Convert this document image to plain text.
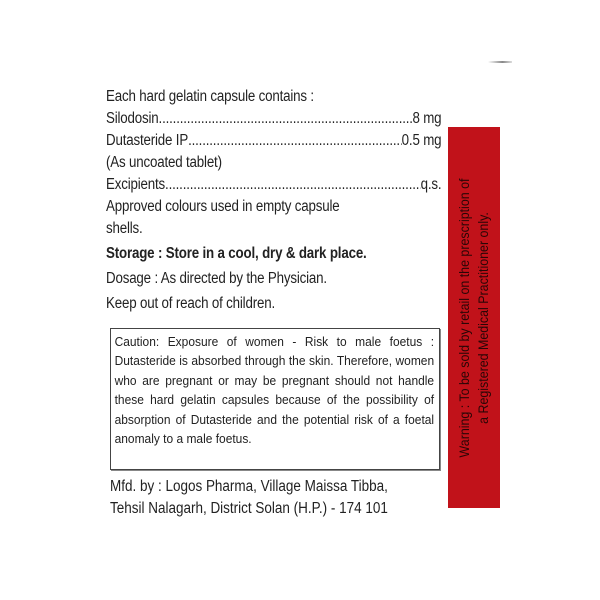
Each hard gelatin capsule contains :
Silodosin .....	8 mg
Dutasteride IP .....	0.5 mg
(As uncoated tablet)
Excipients .....	q.s.
Approved colours used in empty capsule
shells.
Storage : Store in a cool, dry & dark place.
Dosage : As directed by the Physician.
Keep out of reach of children.

Caution: Exposure of women - Risk to male foetus : Dutasteride is absorbed through the skin. Therefore, women who are pregnant or may be pregnant should not handle these hard gelatin capsules because of the possibility of absorption of Dutasteride and the potential risk of a foetal anomaly to a male foetus.

Mfd. by : Logos Pharma, Village Maissa Tibba,
Tehsil Nalagarh, District Solan (H.P.) - 174 101
Warning : To be sold by retail on the prescription of a Registered Medical Practitioner only.
